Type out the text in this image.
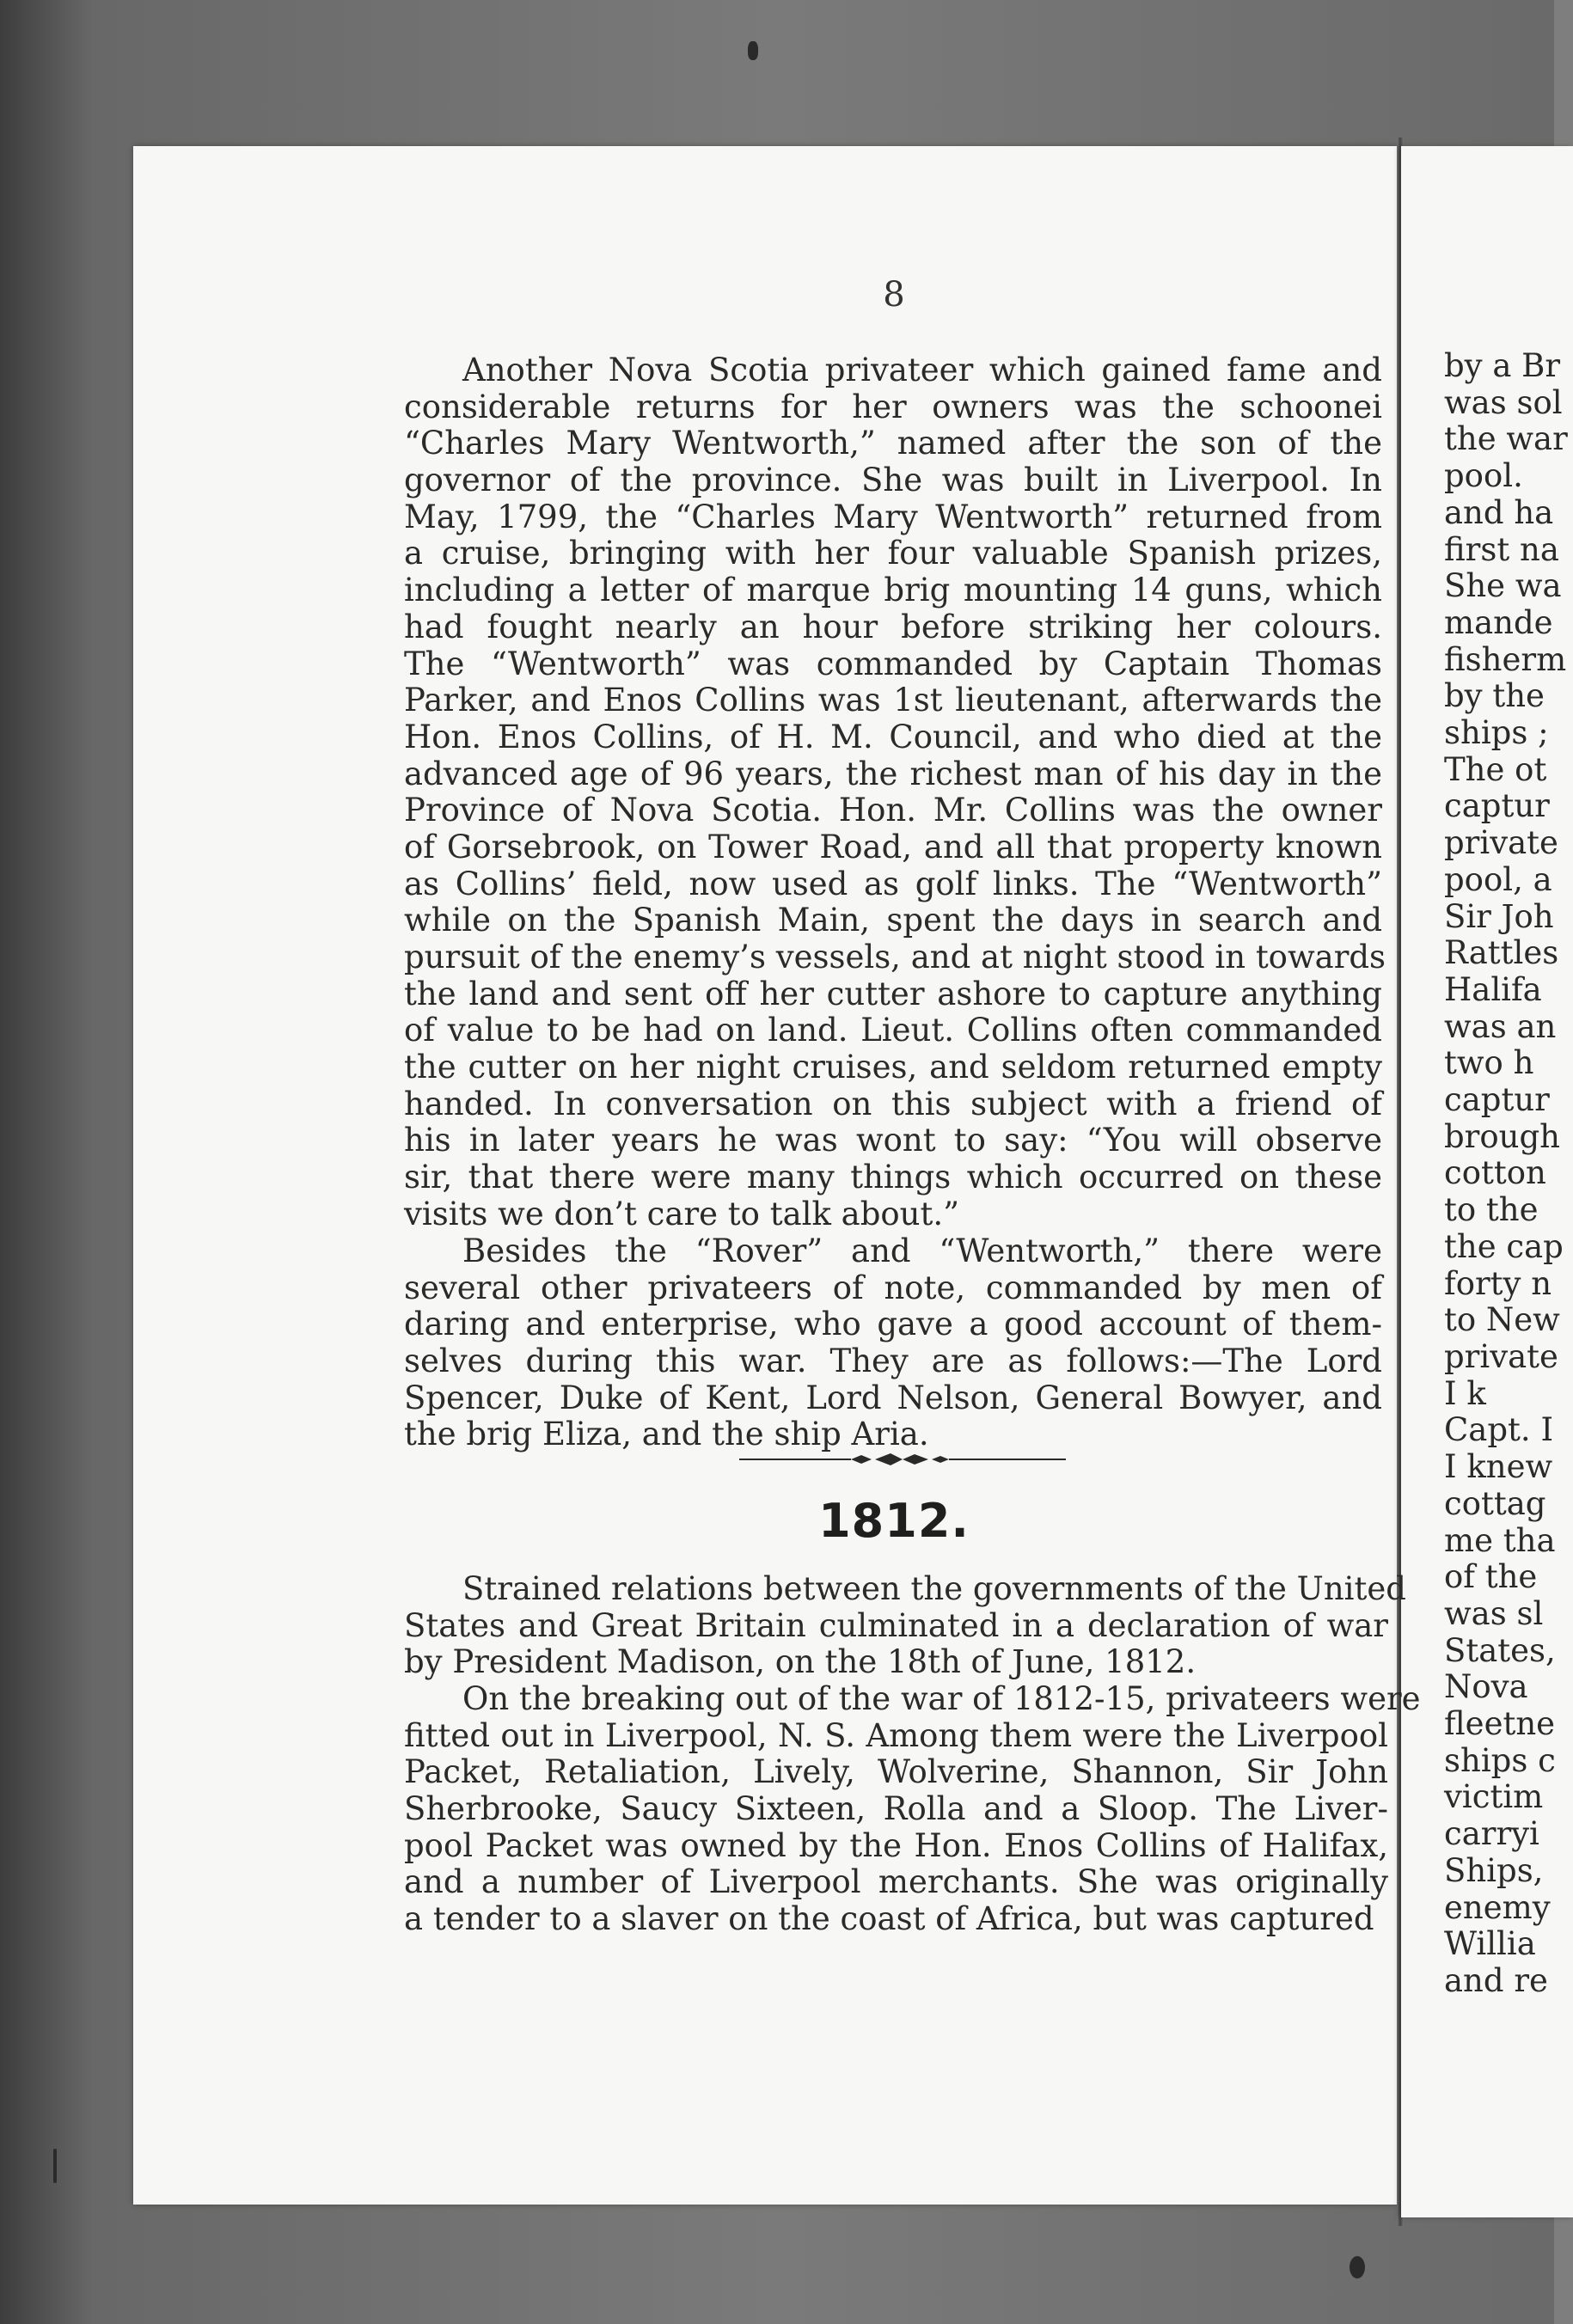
8
Another Nova Scotia privateer which gained fame and
considerable returns for her owners was the schoonei
“Charles Mary Wentworth,” named after the son of the
governor of the province. She was built in Liverpool. In
May, 1799, the “Charles Mary Wentworth” returned from
a cruise, bringing with her four valuable Spanish prizes,
including a letter of marque brig mounting 14 guns, which
had fought nearly an hour before striking her colours.
The “Wentworth” was commanded by Captain Thomas
Parker, and Enos Collins was 1st lieutenant, afterwards the
Hon. Enos Collins, of H. M. Council, and who died at the
advanced age of 96 years, the richest man of his day in the
Province of Nova Scotia. Hon. Mr. Collins was the owner
of Gorsebrook, on Tower Road, and all that property known
as Collins’ field, now used as golf links. The “Wentworth”
while on the Spanish Main, spent the days in search and
pursuit of the enemy’s vessels, and at night stood in towards
the land and sent off her cutter ashore to capture anything
of value to be had on land. Lieut. Collins often commanded
the cutter on her night cruises, and seldom returned empty
handed. In conversation on this subject with a friend of
his in later years he was wont to say: “You will observe
sir, that there were many things which occurred on these
visits we don’t care to talk about.”
Besides the “Rover” and “Wentworth,” there were
several other privateers of note, commanded by men of
daring and enterprise, who gave a good account of them-
selves during this war. They are as follows:—The Lord
Spencer, Duke of Kent, Lord Nelson, General Bowyer, and
the brig Eliza, and the ship Aria.
1812.
Strained relations between the governments of the United
States and Great Britain culminated in a declaration of war
by President Madison, on the 18th of June, 1812.
On the breaking out of the war of 1812-15, privateers were
fitted out in Liverpool, N. S. Among them were the Liverpool
Packet, Retaliation, Lively, Wolverine, Shannon, Sir John
Sherbrooke, Saucy Sixteen, Rolla and a Sloop. The Liver-
pool Packet was owned by the Hon. Enos Collins of Halifax,
and a number of Liverpool merchants. She was originally
a tender to a slaver on the coast of Africa, but was captured
by a Br
was sol
the war
pool.
and ha
first na
She wa
mande
fisherm
by the
ships ;
The ot
captur
private
pool, a
Sir Joh
Rattles
Halifa
was an
two h
captur
brough
cotton
to the
the cap
forty n
to New
private
I k
Capt. I
I knew
cottag
me tha
of the
was sl
States,
Nova
fleetne
ships c
victim
carryi
Ships,
enemy
Willia
and re
